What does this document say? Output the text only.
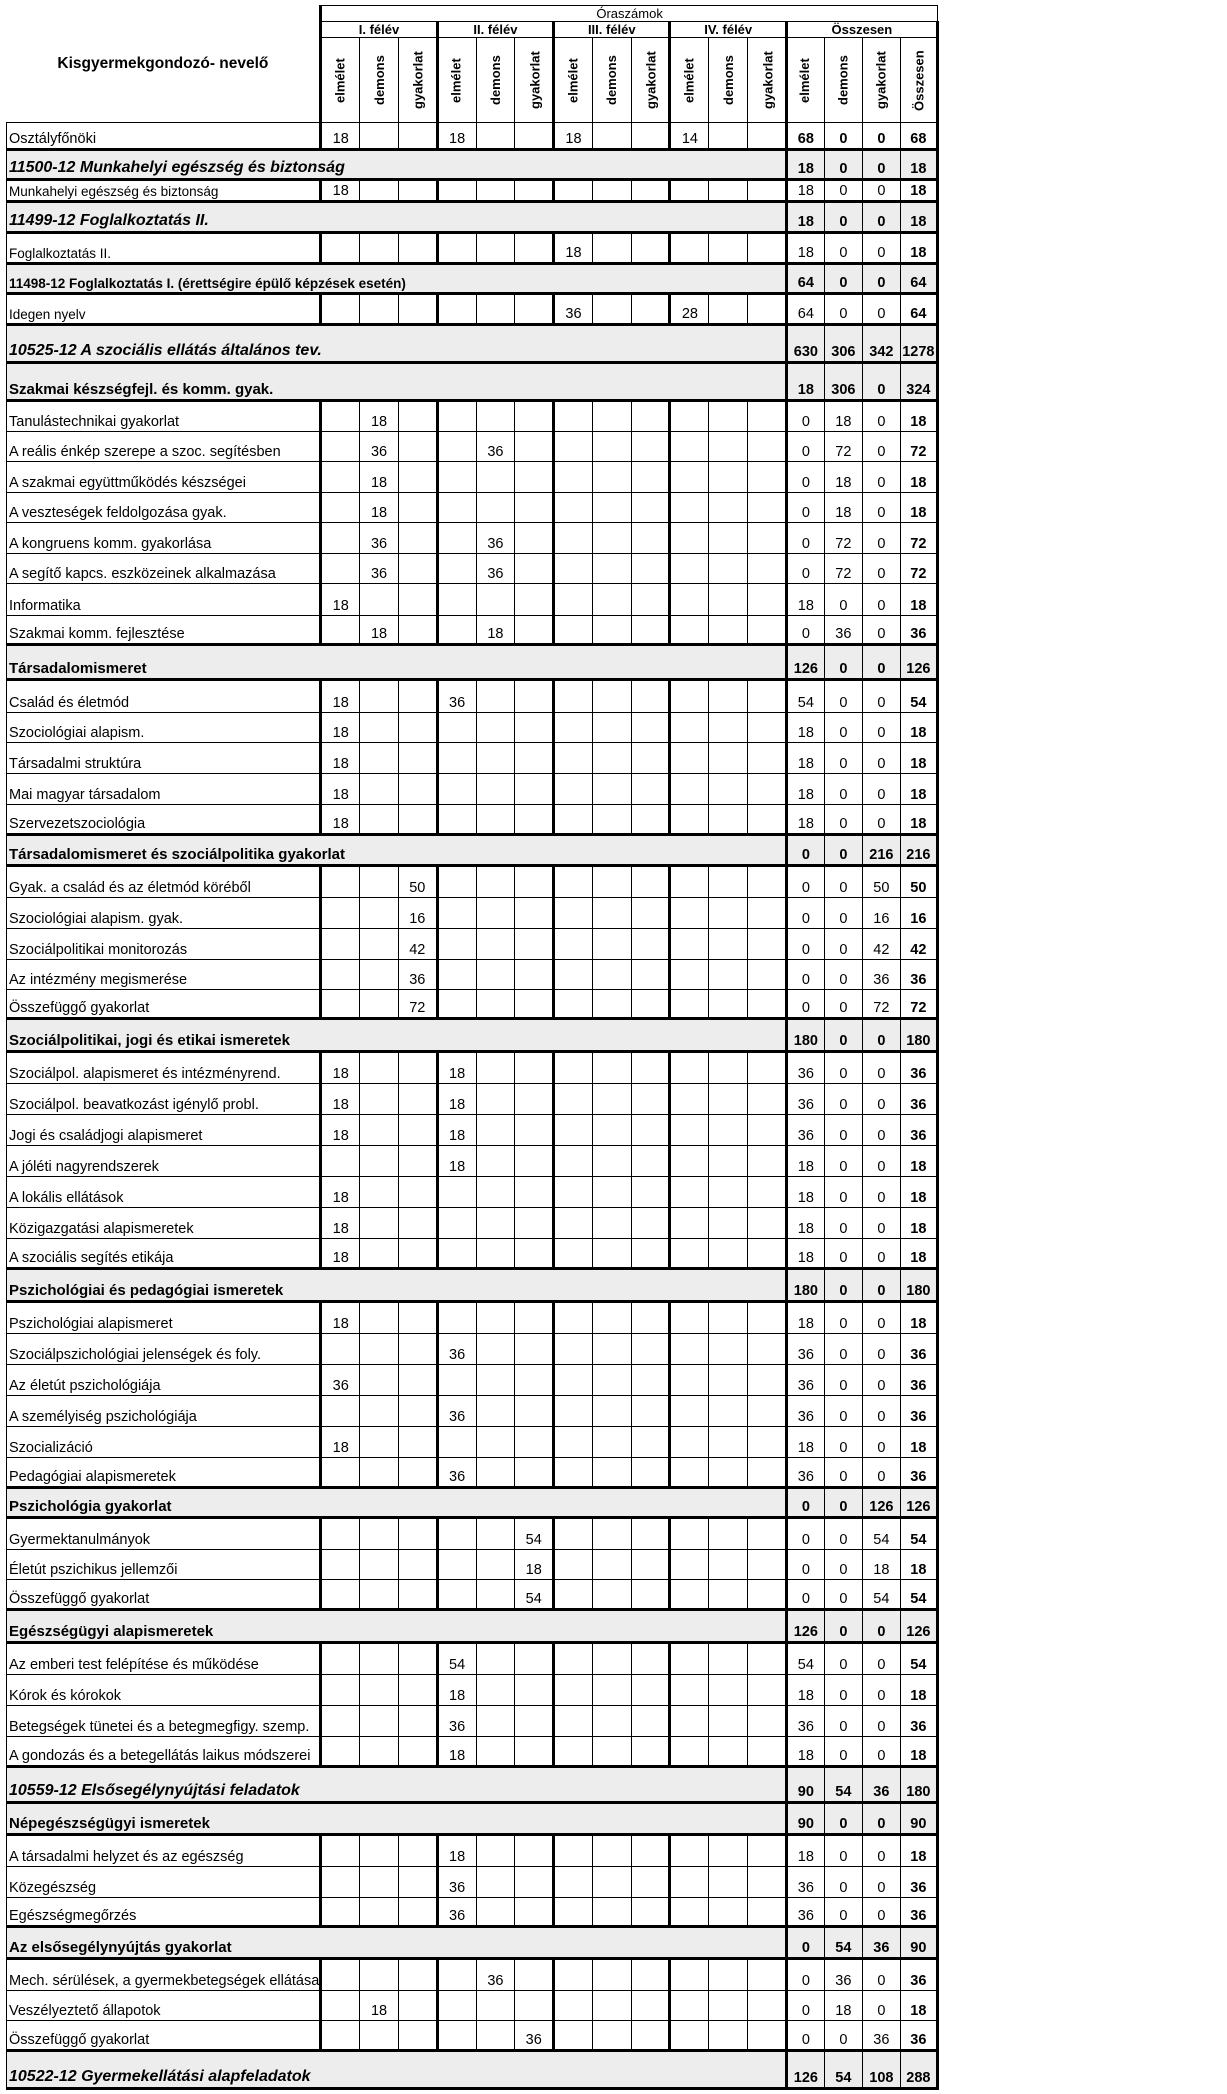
Kisgyermekgondozó- nevelő	Óraszámok															
	I. félév			II. félév			III. félév			IV. félév			Összesen			
	elmélet	demons	gyakorlat	elmélet	demons	gyakorlat	elmélet	demons	gyakorlat	elmélet	demons	gyakorlat	elmélet	demons	gyakorlat	Összesen
Osztályfőnöki	18			18			18			14			68	0	0	68
11500-12 Munkahelyi egészség és biztonság													18	0	0	18
Munkahelyi egészség és biztonság	18												18	0	0	18
11499-12 Foglalkoztatás II.													18	0	0	18
Foglalkoztatás II.							18						18	0	0	18
11498-12 Foglalkoztatás I. (érettségire épülő képzések esetén)													64	0	0	64
Idegen nyelv							36			28			64	0	0	64
10525-12 A szociális ellátás általános tev.													630	306	342	1278
Szakmai készségfejl. és komm. gyak.													18	306	0	324
Tanulástechnikai gyakorlat		18											0	18	0	18
A reális énkép szerepe a szoc. segítésben		36			36								0	72	0	72
A szakmai együttműködés készségei		18											0	18	0	18
A veszteségek feldolgozása gyak.		18											0	18	0	18
A kongruens komm. gyakorlása		36			36								0	72	0	72
A segítő kapcs. eszközeinek alkalmazása		36			36								0	72	0	72
Informatika	18												18	0	0	18
Szakmai komm. fejlesztése		18			18								0	36	0	36
Társadalomismeret													126	0	0	126
Család és életmód	18			36									54	0	0	54
Szociológiai alapism.	18												18	0	0	18
Társadalmi struktúra	18												18	0	0	18
Mai magyar társadalom	18												18	0	0	18
Szervezetszociológia	18												18	0	0	18
Társadalomismeret és szociálpolitika gyakorlat													0	0	216	216
Gyak. a család és az életmód köréből			50										0	0	50	50
Szociológiai alapism. gyak.			16										0	0	16	16
Szociálpolitikai monitorozás			42										0	0	42	42
Az intézmény megismerése			36										0	0	36	36
Összefüggő gyakorlat			72										0	0	72	72
Szociálpolitikai, jogi és etikai ismeretek													180	0	0	180
Szociálpol. alapismeret és intézményrend.	18			18									36	0	0	36
Szociálpol. beavatkozást igénylő probl.	18			18									36	0	0	36
Jogi és családjogi alapismeret	18			18									36	0	0	36
A jóléti nagyrendszerek				18									18	0	0	18
A lokális ellátások	18												18	0	0	18
Közigazgatási alapismeretek	18												18	0	0	18
A szociális segítés etikája	18												18	0	0	18
Pszichológiai és pedagógiai ismeretek													180	0	0	180
Pszichológiai alapismeret	18												18	0	0	18
Szociálpszichológiai jelenségek és foly.				36									36	0	0	36
Az életút pszichológiája	36												36	0	0	36
A személyiség pszichológiája				36									36	0	0	36
Szocializáció	18												18	0	0	18
Pedagógiai alapismeretek				36									36	0	0	36
Pszichológia gyakorlat													0	0	126	126
Gyermektanulmányok						54							0	0	54	54
Életút pszichikus jellemzői						18							0	0	18	18
Összefüggő gyakorlat						54							0	0	54	54
Egészségügyi alapismeretek													126	0	0	126
Az emberi test felépítése és működése				54									54	0	0	54
Kórok és kórokok				18									18	0	0	18
Betegségek tünetei és a betegmegfigy. szemp.				36									36	0	0	36
A gondozás és a betegellátás laikus módszerei				18									18	0	0	18
10559-12 Elsősegélynyújtási feladatok													90	54	36	180
Népegészségügyi ismeretek													90	0	0	90
A társadalmi helyzet és az egészség				18									18	0	0	18
Közegészség				36									36	0	0	36
Egészségmegőrzés				36									36	0	0	36
Az elsősegélynyújtás gyakorlat													0	54	36	90
Mech. sérülések, a gyermekbetegségek ellátása					36								0	36	0	36
Veszélyeztető állapotok		18											0	18	0	18
Összefüggő gyakorlat						36							0	0	36	36
10522-12 Gyermekellátási alapfeladatok													126	54	108	288
